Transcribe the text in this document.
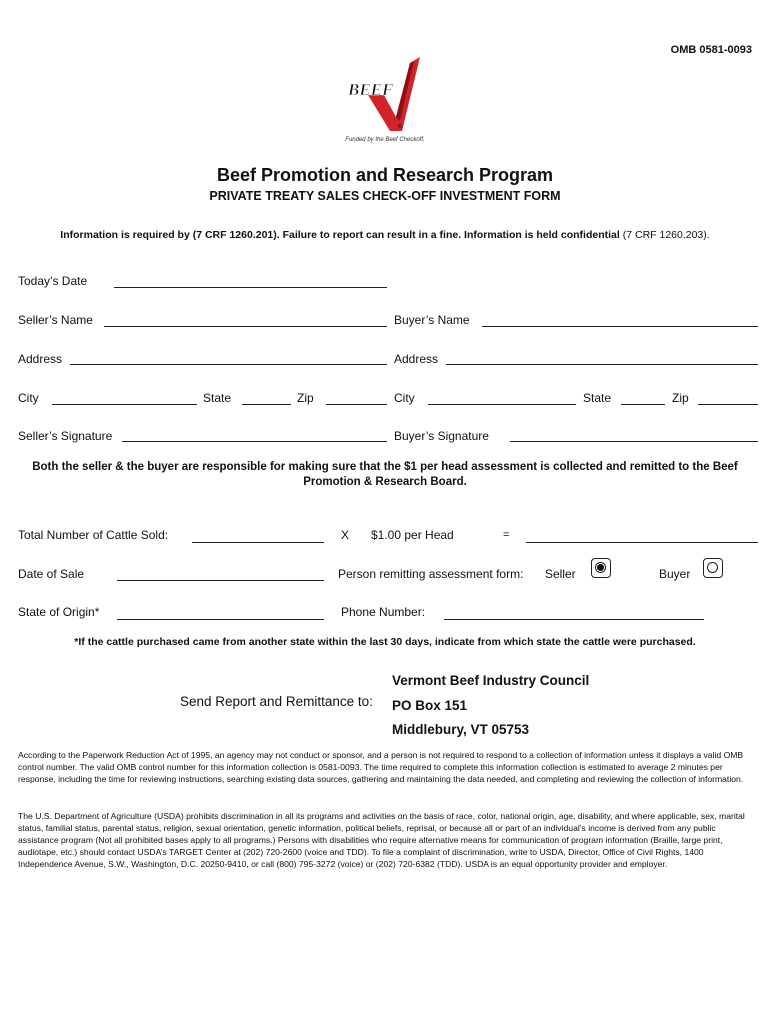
OMB 0581-0093
BEEF
®
Funded by the Beef Checkoff.
Beef Promotion and Research Program
PRIVATE TREATY SALES CHECK-OFF INVESTMENT FORM
Information is required by (7 CRF 1260.201). Failure to report can result in a fine. Information is held confidential (7 CRF 1260.203).
Today’s Date
Seller’s Name	Buyer’s Name
Address	Address
City	State	Zip	City	State	Zip
Seller’s Signature	Buyer’s Signature
Both the seller & the buyer are responsible for making sure that the $1 per head assessment is collected and remitted to the Beef Promotion & Research Board.
Total Number of Cattle Sold:	X $1.00 per Head	=
Date of Sale	Person remitting assessment form: Seller	Buyer
State of Origin*	Phone Number:
*If the cattle purchased came from another state within the last 30 days, indicate from which state the cattle were purchased.
Send Report and Remittance to:
Vermont Beef Industry Council
PO Box 151
Middlebury, VT 05753
According to the Paperwork Reduction Act of 1995, an agency may not conduct or sponsor, and a person is not required to respond to a collection of information unless it displays a valid OMB control number. The valid OMB control number for this information collection is 0581-0093. The time required to complete this information collection is estimated to average 2 minutes per response, including the time for reviewing instructions, searching existing data sources, gathering and maintaining the data needed, and completing and reviewing the collection of information.
The U.S. Department of Agriculture (USDA) prohibits discrimination in all its programs and activities on the basis of race, color, national origin, age, disability, and where applicable, sex, marital status, familial status, parental status, religion, sexual orientation, genetic information, political beliefs, reprisal, or because all or part of an individual’s income is derived from any public assistance program (Not all prohibited bases apply to all programs.) Persons with disabilities who require alternative means for communication of program information (Braille, large print, audiotape, etc.) should contact USDA’s TARGET Center at (202) 720-2600 (voice and TDD). To file a complaint of discrimination, write to USDA, Director, Office of Civil Rights, 1400 Independence Avenue, S.W., Washington, D.C. 20250-9410, or call (800) 795-3272 (voice) or (202) 720-6382 (TDD). USDA is an equal opportunity provider and employer.
